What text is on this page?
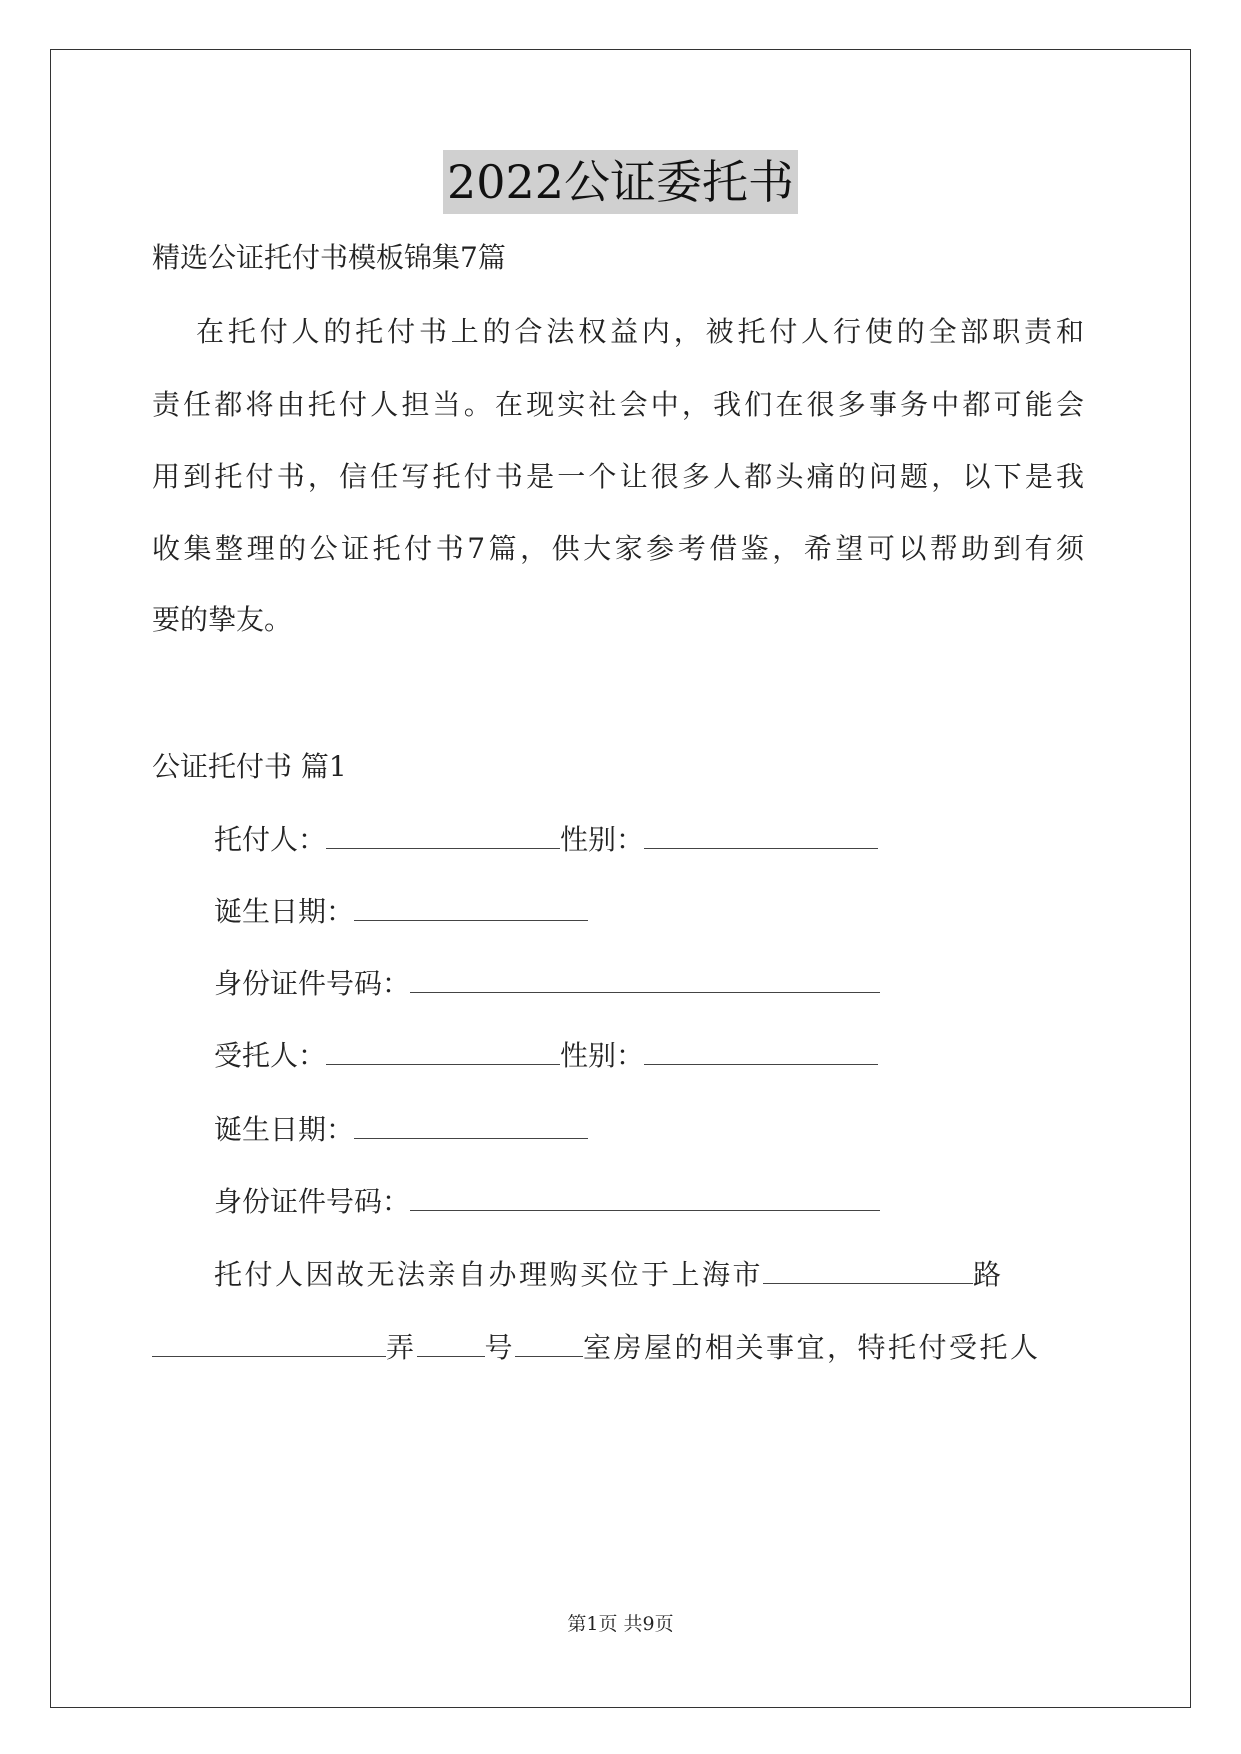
2022公证委托书
精选公证托付书模板锦集7篇
在托付人的托付书上的合法权益内，被托付人行使的全部职责和
责任都将由托付人担当。在现实社会中，我们在很多事务中都可能会
用到托付书，信任写托付书是一个让很多人都头痛的问题，以下是我
收集整理的公证托付书7篇，供大家参考借鉴，希望可以帮助到有须
要的挚友。
公证托付书 篇1
托付人：	性别：
诞生日期：
身份证件号码：
受托人：	性别：
诞生日期：
身份证件号码：
托付人因故无法亲自办理购买位于上海市	路
弄 号 室房屋的相关事宜，特托付受托人
第1页 共9页
